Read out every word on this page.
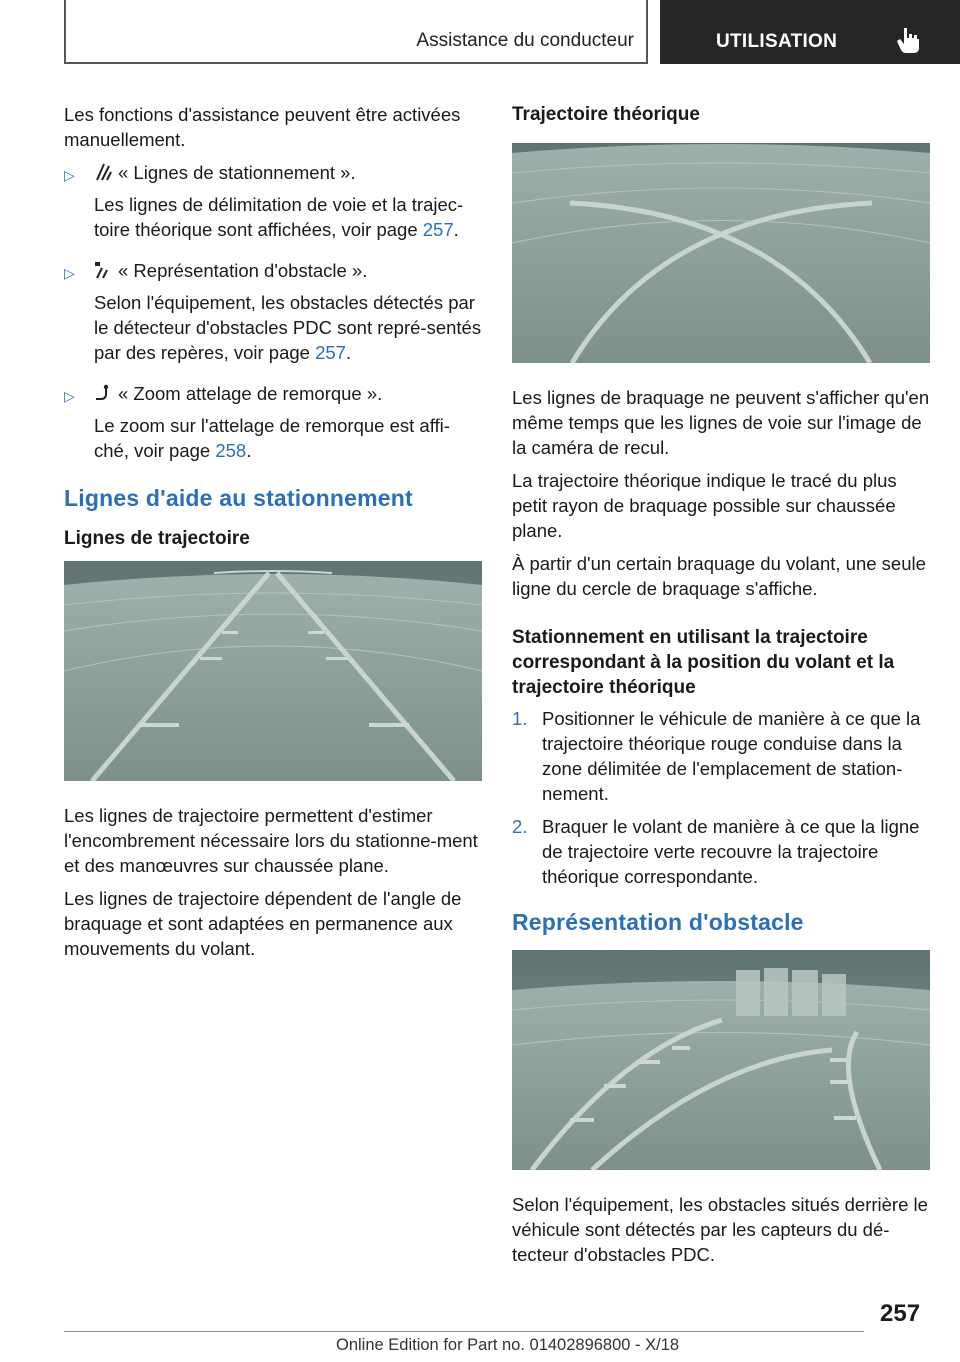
Assistance du conducteur	UTILISATION

Les fonctions d'assistance peuvent être activées manuellement.

▷ « Lignes de stationnement ».
Les lignes de délimitation de voie et la trajec‐toire théorique sont affichées, voir page 257.
▷ « Représentation d'obstacle ».
Selon l'équipement, les obstacles détectés par le détecteur d'obstacles PDC sont repré‐sentés par des repères, voir page 257.
▷ « Zoom attelage de remorque ».
Le zoom sur l'attelage de remorque est affi‐ché, voir page 258.
Lignes d'aide au stationnement
Lignes de trajectoire

Les lignes de trajectoire permettent d'estimer l'encombrement nécessaire lors du stationne‐ment et des manœuvres sur chaussée plane.

Les lignes de trajectoire dépendent de l'angle de braquage et sont adaptées en permanence aux mouvements du volant.

Trajectoire théorique

Les lignes de braquage ne peuvent s'afficher qu'en même temps que les lignes de voie sur l'image de la caméra de recul.

La trajectoire théorique indique le tracé du plus petit rayon de braquage possible sur chaussée plane.

À partir d'un certain braquage du volant, une seule ligne du cercle de braquage s'affiche.

Stationnement en utilisant la trajectoire correspondant à la position du volant et la trajectoire théorique
1. Positionner le véhicule de manière à ce que la trajectoire théorique rouge conduise dans la zone délimitée de l'emplacement de station‐nement.
2. Braquer le volant de manière à ce que la ligne de trajectoire verte recouvre la trajectoire théorique correspondante.
Représentation d'obstacle

Selon l'équipement, les obstacles situés derrière le véhicule sont détectés par les capteurs du dé‐tecteur d'obstacles PDC.

257
Online Edition for Part no. 01402896800 - X/18
